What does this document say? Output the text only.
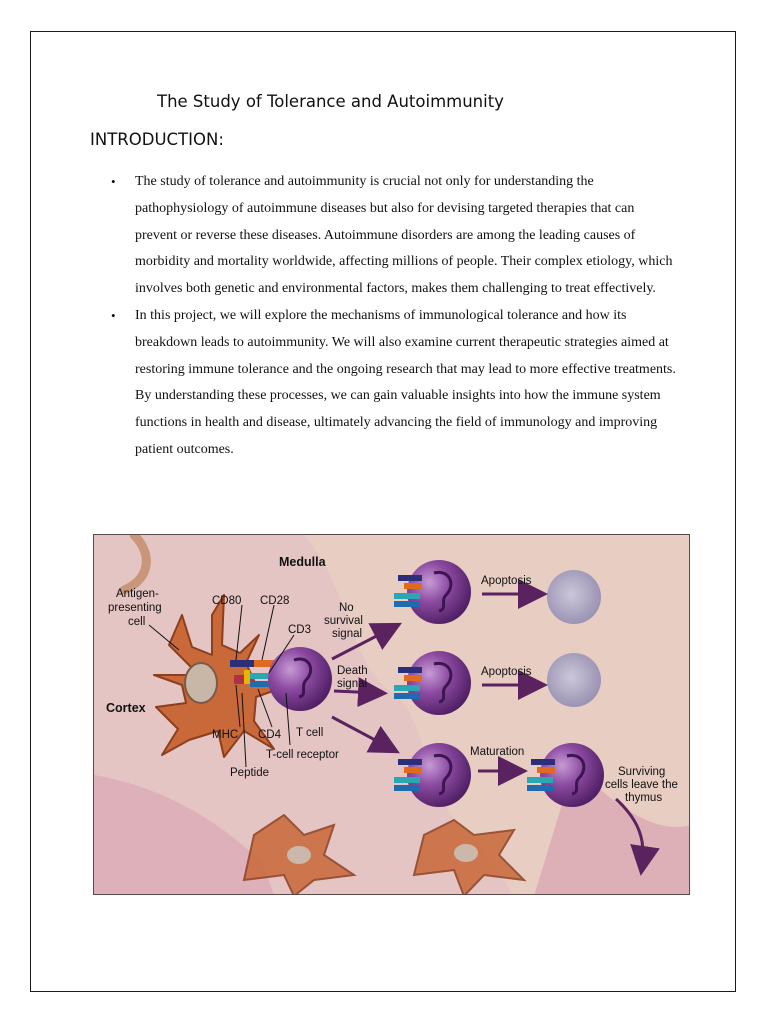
The Study of Tolerance and Autoimmunity
INTRODUCTION:
• The study of tolerance and autoimmunity is crucial not only for understanding the pathophysiology of autoimmune diseases but also for devising targeted therapies that can prevent or reverse these diseases. Autoimmune disorders are among the leading causes of morbidity and mortality worldwide, affecting millions of people. Their complex etiology, which involves both genetic and environmental factors, makes them challenging to treat effectively.
• In this project, we will explore the mechanisms of immunological tolerance and how its breakdown leads to autoimmunity. We will also examine current therapeutic strategies aimed at restoring immune tolerance and the ongoing research that may lead to more effective treatments. By understanding these processes, we can gain valuable insights into how the immune system functions in health and disease, ultimately advancing the field of immunology and improving patient outcomes.
Medulla
Cortex
Antigen-
presenting
cell
CD80 CD28
CD3
MHC CD4 T cell
T-cell receptor
Peptide
No
survival
signal
Death
signal
Apoptosis
Apoptosis
Maturation
Surviving
cells leave the
thymus
